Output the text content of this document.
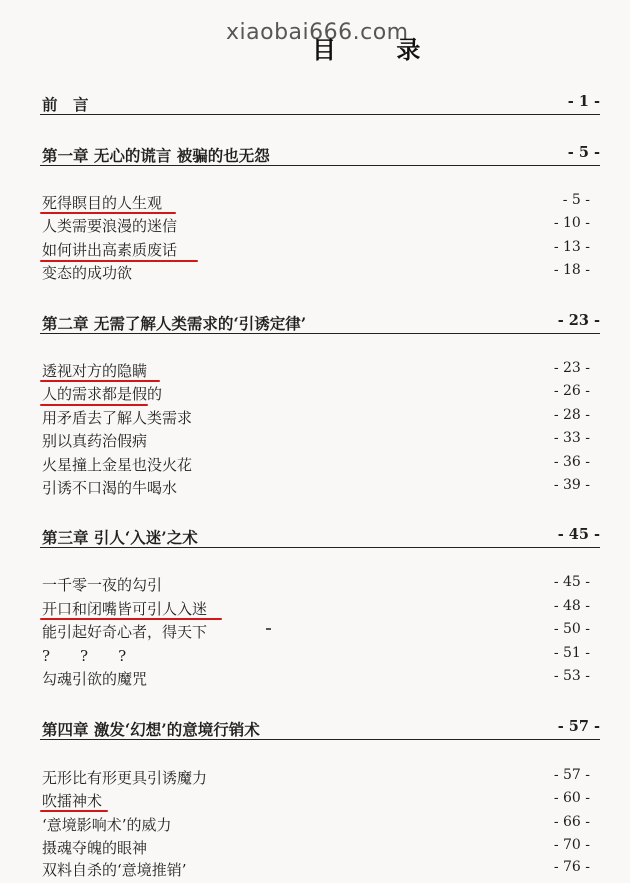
xiaobai666.com
目 录
前　言	- 1 -
第一章 无心的谎言 被骗的也无怨	- 5 -
死得瞑目的人生观	- 5 -
人类需要浪漫的迷信	- 10 -
如何讲出高素质废话	- 13 -
变态的成功欲	- 18 -
第二章 无需了解人类需求的‘引诱定律’	- 23 -
透视对方的隐瞒	- 23 -
人的需求都是假的	- 26 -
用矛盾去了解人类需求	- 28 -
别以真药治假病	- 33 -
火星撞上金星也没火花	- 36 -
引诱不口渴的牛喝水	- 39 -
第三章 引人‘入迷’之术	- 45 -
一千零一夜的勾引	- 45 -
开口和闭嘴皆可引人入迷	- 48 -
能引起好奇心者，得天下	- 50 -
?　　?　　?	- 51 -
勾魂引欲的魔咒	- 53 -
第四章 激发‘幻想’的意境行销术	- 57 -
无形比有形更具引诱魔力	- 57 -
吹擂神术	- 60 -
‘意境影响术’的威力	- 66 -
摄魂夺魄的眼神	- 70 -
双料自杀的‘意境推销’	- 76 -
